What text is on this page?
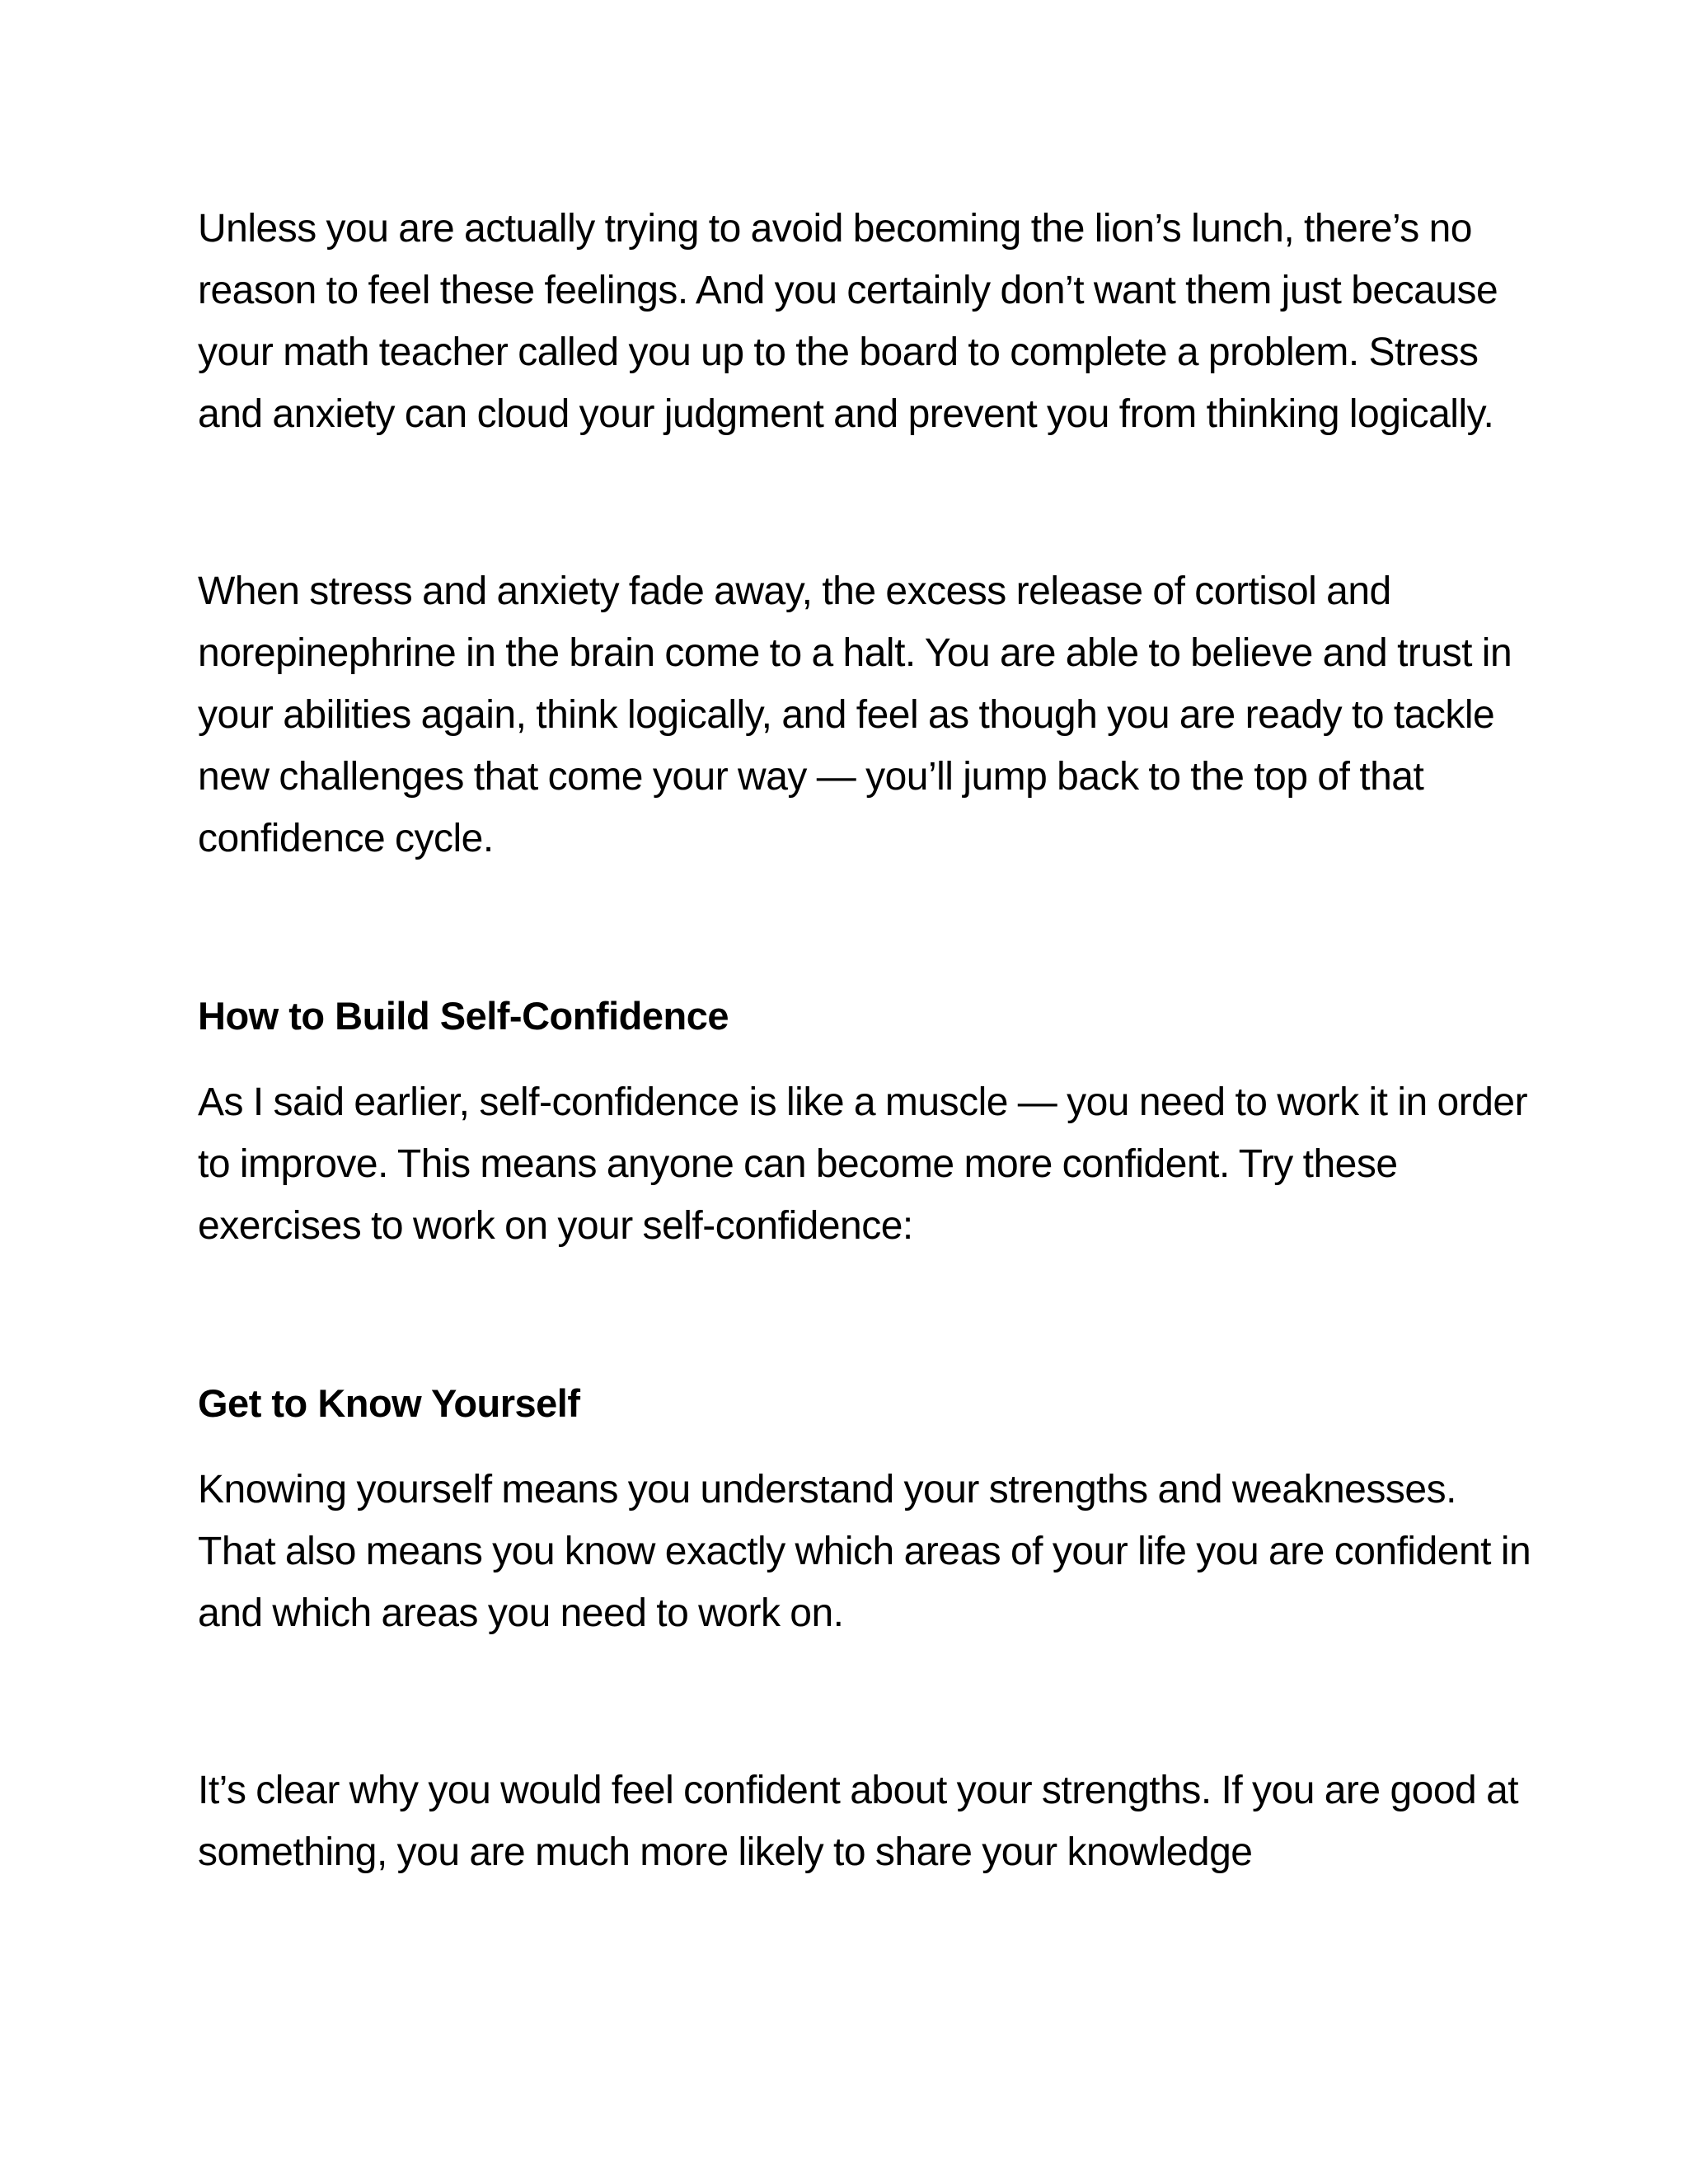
Unless you are actually trying to avoid becoming the lion’s lunch, there’s no reason to feel these feelings. And you certainly don’t want them just because your math teacher called you up to the board to complete a problem. Stress and anxiety can cloud your judgment and prevent you from thinking logically.

When stress and anxiety fade away, the excess release of cortisol and norepinephrine in the brain come to a halt. You are able to believe and trust in your abilities again, think logically, and feel as though you are ready to tackle new challenges that come your way — you’ll jump back to the top of that confidence cycle.

How to Build Self-Confidence

As I said earlier, self-confidence is like a muscle — you need to work it in order to improve. This means anyone can become more confident. Try these exercises to work on your self-confidence:

Get to Know Yourself

Knowing yourself means you understand your strengths and weaknesses. That also means you know exactly which areas of your life you are confident in and which areas you need to work on.

It’s clear why you would feel confident about your strengths. If you are good at something, you are much more likely to share your knowledge
